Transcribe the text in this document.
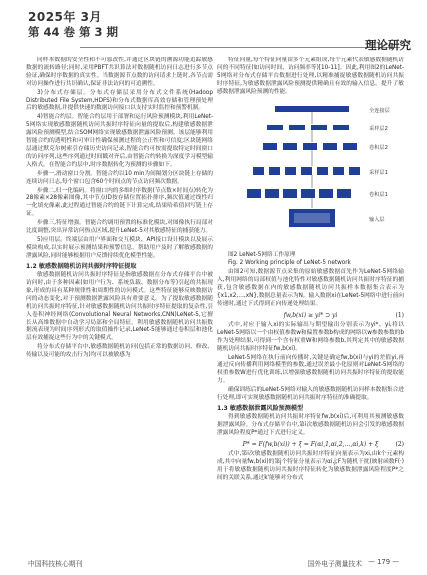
2025年 3月
第 44 卷 第 3 期
理论研究

同样本数据的安全性和不可篡改性,并通过区块链的溯源功能追踪敏感数据的流转路径;同时,采用PBFT共识算法对数据随机访问日志进行多节点验证,确保时序数据的真实性。当数据源节点数的访问请求上链时,各节点需对访问操作进行共识确认,保证非法访问的可追溯性。

3)分布式存储层。分布式存储层采用分布式文件系统(Hadoop Distributed File System,HDFS)和分布式数据库高效存储和管理预处理后的敏感数据,并提供快速的数据访问接口以支持实时监控和预警机制。

4)智能合约层。智能合约层用于部署和运行风险预测模块,利用LeNet-5网络实现敏感数据随机访问共振时序特征向量的提取后,构建敏感数据泄露风险预测模型,结合SOM网络实现敏感数据泄露风险预测。该层能够利用智能合约的透明性和可审计性确保预测过程的公正性和可信度;区块链网络层通过默克尔树索引存储历史访问记录,智能合约可按需提取特定时间窗口的访问序列,这些序列通过时间戳对齐后,由智能合约转换为深度学习模型输入格式。在智能合约层中,时序数据转化为预测的步骤如下。

步骤一,滑动窗口分割。智能合约以10 min为间隔划分区块链上存储的连续访问日志,每个窗口包含60个时间点的节点访问频次数据。

步骤二,归一化编码。将窗口内的多维时序数据(节点数×时间点)转化为28像素×28像素图像,其中节点ID按存储位置拓扑排序,频次值通过线性归一化填充像素,此过程通过智能合约的链下计算完成,结果哈希值回写链上存证。

步骤三,特征增强。智能合约调用预置的标准化模块,对图像执行局部对比度调整,突出异常访问热点区域,提升LeNet-5对其敏感特征的捕获能力。

5)应用层。终端层由用户界面和交互模块、API接口设计模块以及展示模块构成,以实时展示预测结果和预警信息。帮助用户及时了解敏感数据的泄露风险,同时能够根据用户反馈持续优化模型性能。

1.2 敏感数据随机访问共振时序特征提取

敏感数据随机访问共振时序特征是指敏感数据在分布式存储平台中被访问时,由于多种因素(如用户行为、系统负载、数据分布等)引起的共振现象,形成的具有某种规律性和周期性的访问模式。这些特征能够反映数据访问的动态变化,对于预测数据泄露风险具有重要意义。为了提取敏感数据随机访问共振时序特征,针对敏感数据随机访问共振时序特征提取的复杂性,引入卷积神经网络(Convolutional Neural Networks,CNN)LeNet-5,它擅长从高维数据中自动学习局部和全局特征。利用敏感数据随机访问共振数据流表现为时间序列形式的取值操作记录,LeNet-5能够通过卷积层和池化层有效捕捉这些行为中的关键模式。

将分布式存储平台中,敏感数据随机访问(包括正常的数据访问、修改、传输以及可能的攻击行为)均可以被敏感为

特征向量,每个特征向量由多个元素组成,每个元素代表敏感数据随机访问的不同特征(如访问时间、访问频率等)[10-11]。因此,利用图2的LeNet-5网络对分布式存储平台数据进行处理,以精准捕捉敏感数据随机访问共振时序特征,为敏感数据泄露风险预测提供精确且有效的输入信息。提升了敏感数据泄露风险预测的性能。

全连接层
采样层2
卷积层2
采样层1
卷积层1
输入层

图2 LeNet-5网络工作原理

Fig. 2 Working principle of LeNet-5 network

由图2可知,数据源节点采集的原始敏感数据首先作为LeNet-5网络输入,利用网络的局部权值与池化特性对敏感数据随机访问共振时序特征的捕获,包含敏感数据在内的敏感数据随机访问共振样本数据集合表示为{x1,x2,…,xN},数据总量表示为N。输入数据xi在LeNet-5网络中进行前向传递时,通过下式得到正向传递处理结果。

fw,b(xi) ≥ yi* ⊃ yi	(1)

式中,对应于输入xi的实际输出与期望输出分别表示为yi*、yi,将以LeNet-5网络以一个由权值参数w和偏置参数b构成的网络以w参数参数的b作为处理结果,可得到一个含有权重W和网络参数b,其判定其中的敏感数据随机访问共振时序特征fw,b(xi)。

LeNet-5网络在执行前向传播时,关键是确定fw,b(xi)与yi的差值yi,再通过反向传播利用网络模型的参数,通过误差最小化原则对LeNet-5网络的权重参数W进行优化训练,以增强敏感数据随机访问共振时序特征的提取能力。

确保训练后的LeNet-5网络对输入的敏感数据随机访问样本数据集合进行处理,即可实现敏感数据随机访问共振时序特征的准确提取。

1.3 敏感数据泄露风险预测模型

得到敏感数据随机访问共振时序特征fw,b(xi)后,可利用其预测敏感数据泄露风险。分布式存储平台中,第i次敏感数据随机访问会引发的敏感数据泄露风险程度P*通过下式进行定义。

P* = F(fw,b(xi)) + ξ = F(αi,1,αi,2,…,αi,k) + ξ	(2)

式中,第i次敏感数据随机访问共振时序特征向量表示为xi,由k个元素构成,其中向量fw,b(xi)的第j个特征分量表示为αi,j;F为随机干扰(映射函数F(·)用于将敏感数据随机访问共振时序特征转化为敏感数据泄露风险程度P*之间的关联关系,通过k'能够对分布式

中国科技核心期刊	国外电子测量技术 — 179 —
